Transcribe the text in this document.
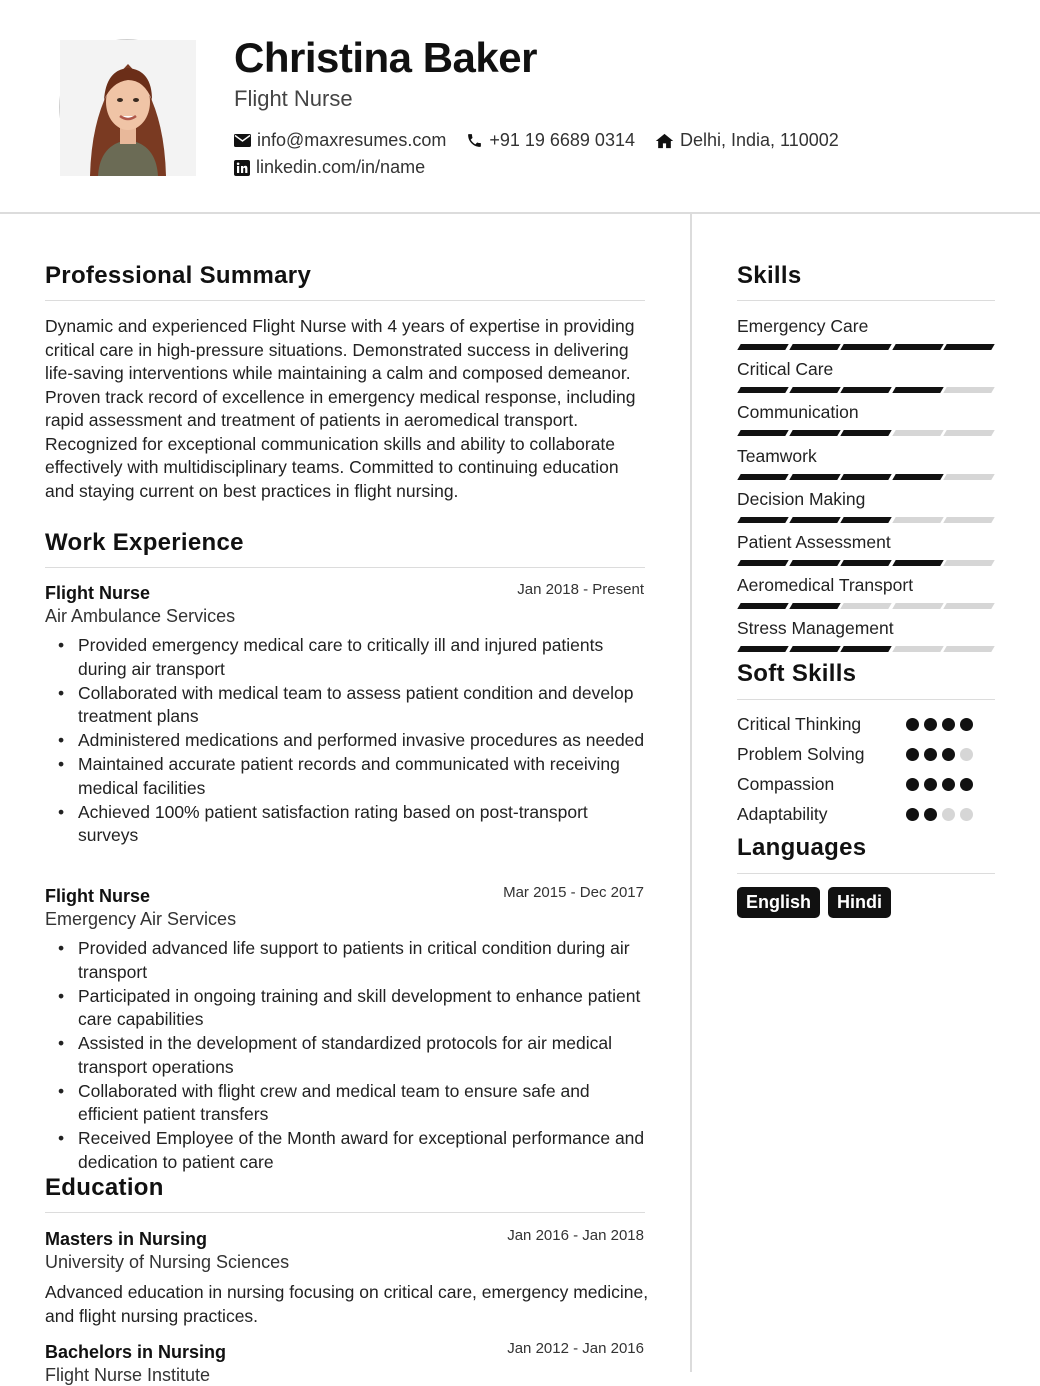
Christina Baker
Flight Nurse
info@maxresumes.com +91 19 6689 0314	Delhi, India, 110002
linkedin.com/in/name
Professional Summary
Dynamic and experienced Flight Nurse with 4 years of expertise in providing critical care in high-pressure situations. Demonstrated success in delivering life-saving interventions while maintaining a calm and composed demeanor. Proven track record of excellence in emergency medical response, including rapid assessment and treatment of patients in aeromedical transport. Recognized for exceptional communication skills and ability to collaborate effectively with multidisciplinary teams. Committed to continuing education and staying current on best practices in flight nursing.
Work Experience
Flight Nurse	Jan 2018 - Present
Air Ambulance Services
• Provided emergency medical care to critically ill and injured patients during air transport
• Collaborated with medical team to assess patient condition and develop treatment plans
• Administered medications and performed invasive procedures as needed
• Maintained accurate patient records and communicated with receiving medical facilities
• Achieved 100% patient satisfaction rating based on post-transport surveys
Flight Nurse	Mar 2015 - Dec 2017
Emergency Air Services
• Provided advanced life support to patients in critical condition during air transport
• Participated in ongoing training and skill development to enhance patient care capabilities
• Assisted in the development of standardized protocols for air medical transport operations
• Collaborated with flight crew and medical team to ensure safe and efficient patient transfers
• Received Employee of the Month award for exceptional performance and dedication to patient care
Education
Masters in Nursing	Jan 2016 - Jan 2018
University of Nursing Sciences
Advanced education in nursing focusing on critical care, emergency medicine, and flight nursing practices.
Bachelors in Nursing	Jan 2012 - Jan 2016
Flight Nurse Institute
Skills
Emergency Care
Critical Care
Communication
Teamwork
Decision Making
Patient Assessment
Aeromedical Transport
Stress Management
Soft Skills
Critical Thinking
Problem Solving
Compassion
Adaptability
Languages
English	Hindi
